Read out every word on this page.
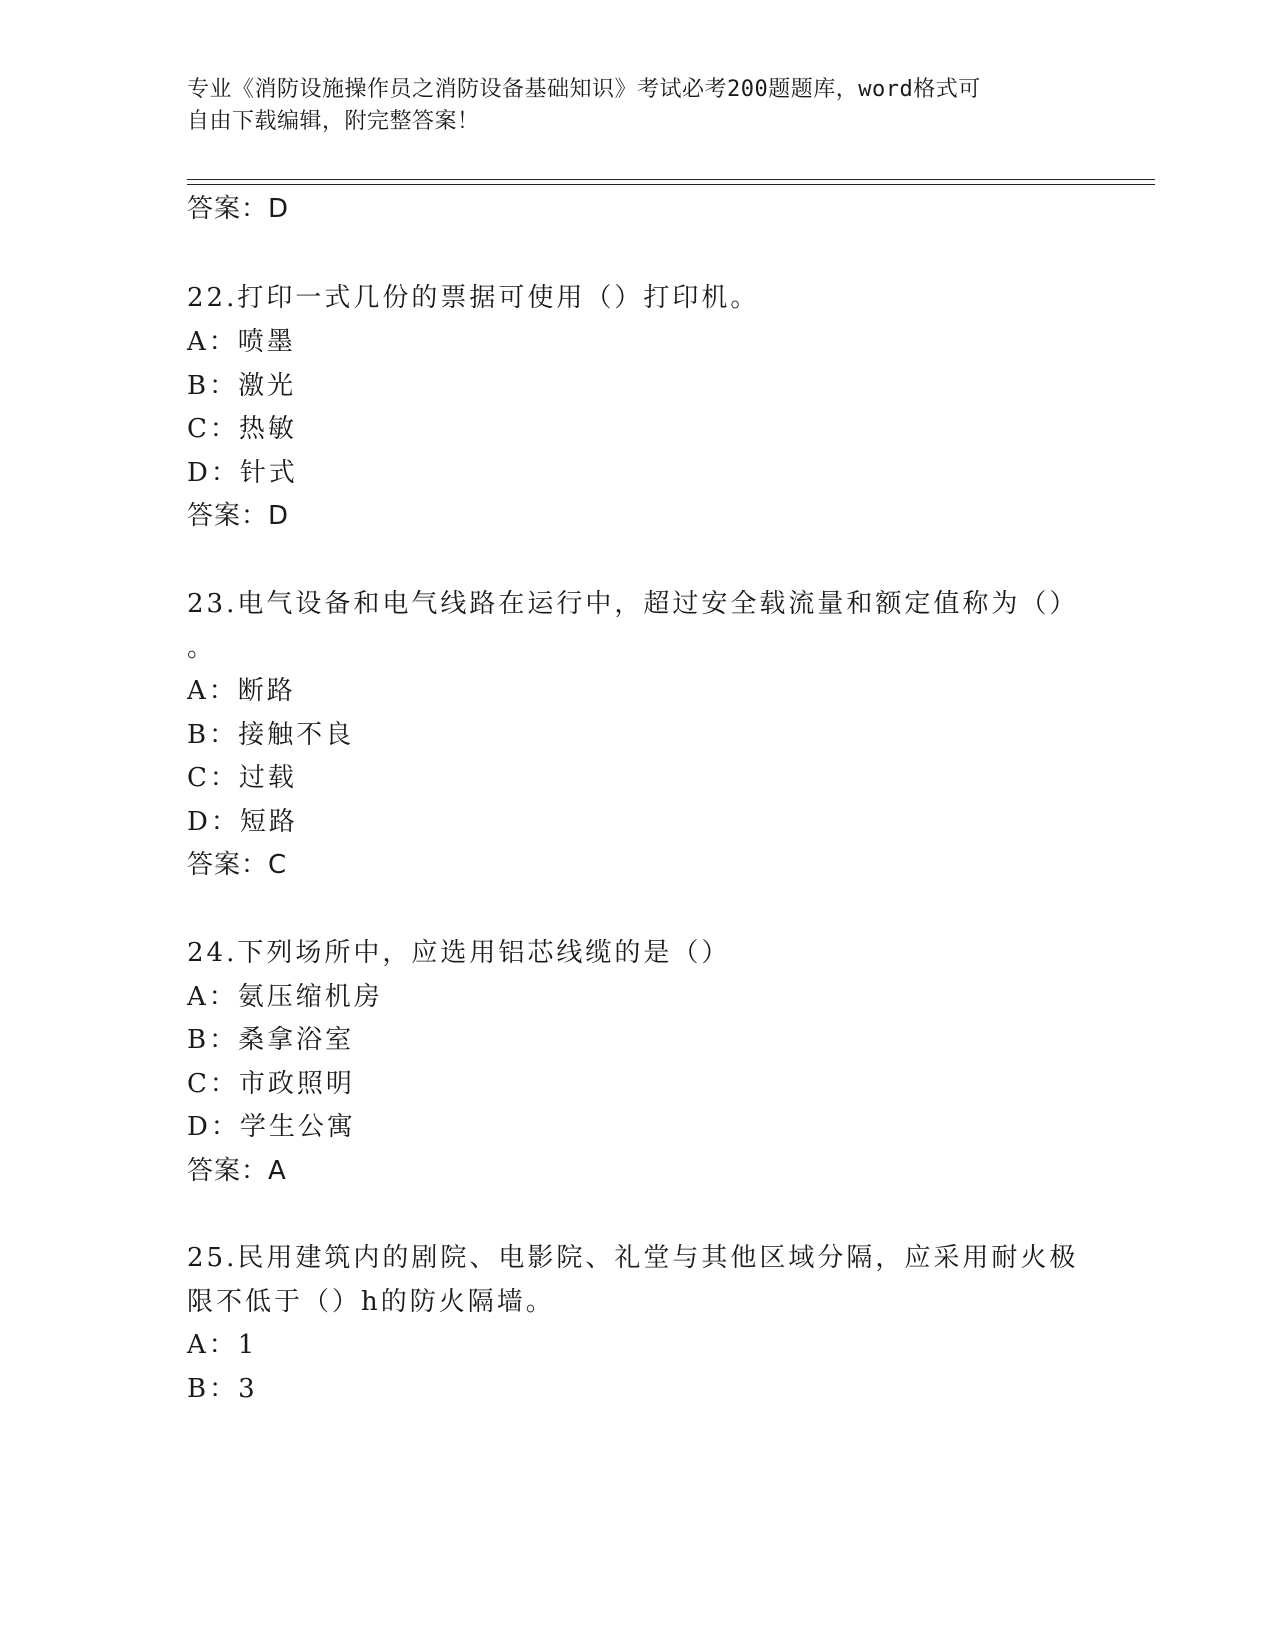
专业《消防设施操作员之消防设备基础知识》考试必考200题题库，word格式可
自由下载编辑，附完整答案！
答案：D
22.打印一式几份的票据可使用（）打印机。
A：喷墨
B：激光
C：热敏
D：针式
答案：D
23.电气设备和电气线路在运行中，超过安全载流量和额定值称为（）
。
A：断路
B：接触不良
C：过载
D：短路
答案：C
24.下列场所中，应选用铝芯线缆的是（）
A：氨压缩机房
B：桑拿浴室
C：市政照明
D：学生公寓
答案：A
25.民用建筑内的剧院、电影院、礼堂与其他区域分隔，应采用耐火极
限不低于（）h的防火隔墙。
A：1
B：3
